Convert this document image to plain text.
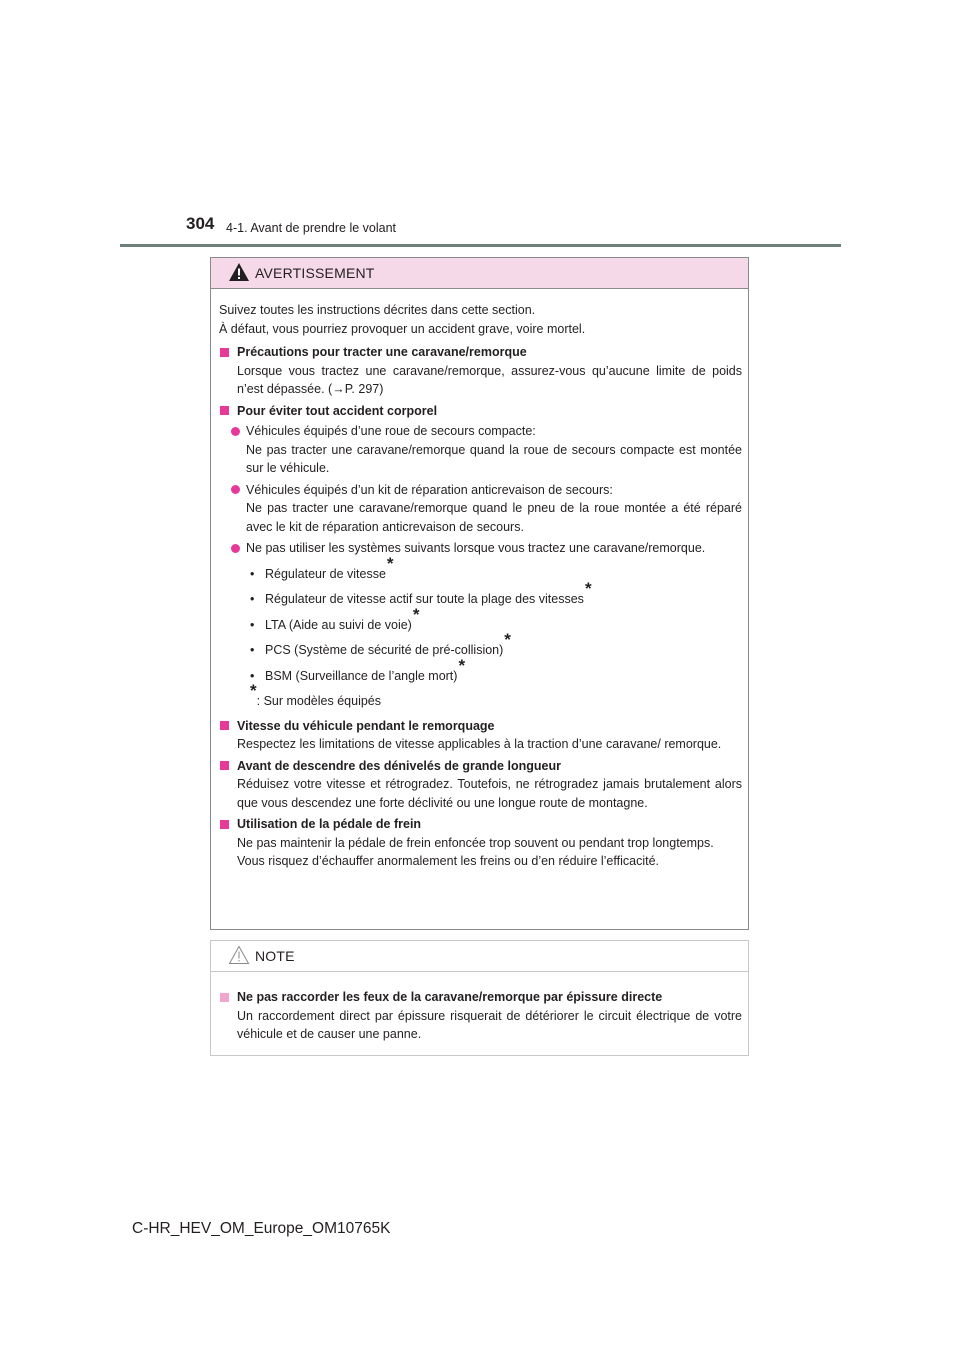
304 4-1. Avant de prendre le volant
AVERTISSEMENT

Suivez toutes les instructions décrites dans cette section.
À défaut, vous pourriez provoquer un accident grave, voire mortel.

Précautions pour tracter une caravane/remorque

Lorsque vous tractez une caravane/remorque, assurez-vous qu’aucune limite de poids n’est dépassée. (→P. 297)

Pour éviter tout accident corporel
Véhicules équipés d’une roue de secours compacte:
Ne pas tracter une caravane/remorque quand la roue de secours compacte est montée sur le véhicule.
Véhicules équipés d’un kit de réparation anticrevaison de secours:
Ne pas tracter une caravane/remorque quand le pneu de la roue montée a été réparé avec le kit de réparation anticrevaison de secours.
Ne pas utiliser les systèmes suivants lorsque vous tractez une caravane/remorque.
• Régulateur de vitesse*
• Régulateur de vitesse actif sur toute la plage des vitesses*
• LTA (Aide au suivi de voie)*
• PCS (Système de sécurité de pré-collision)*
• BSM (Surveillance de l’angle mort)*
*: Sur modèles équipés
Vitesse du véhicule pendant le remorquage

Respectez les limitations de vitesse applicables à la traction d’une caravane/ remorque.

Avant de descendre des dénivelés de grande longueur

Réduisez votre vitesse et rétrogradez. Toutefois, ne rétrogradez jamais brutalement alors que vous descendez une forte déclivité ou une longue route de montagne.

Utilisation de la pédale de frein

Ne pas maintenir la pédale de frein enfoncée trop souvent ou pendant trop longtemps.
Vous risquez d’échauffer anormalement les freins ou d’en réduire l’efficacité.

NOTE
Ne pas raccorder les feux de la caravane/remorque par épissure directe

Un raccordement direct par épissure risquerait de détériorer le circuit électrique de votre véhicule et de causer une panne.

C-HR_HEV_OM_Europe_OM10765K
